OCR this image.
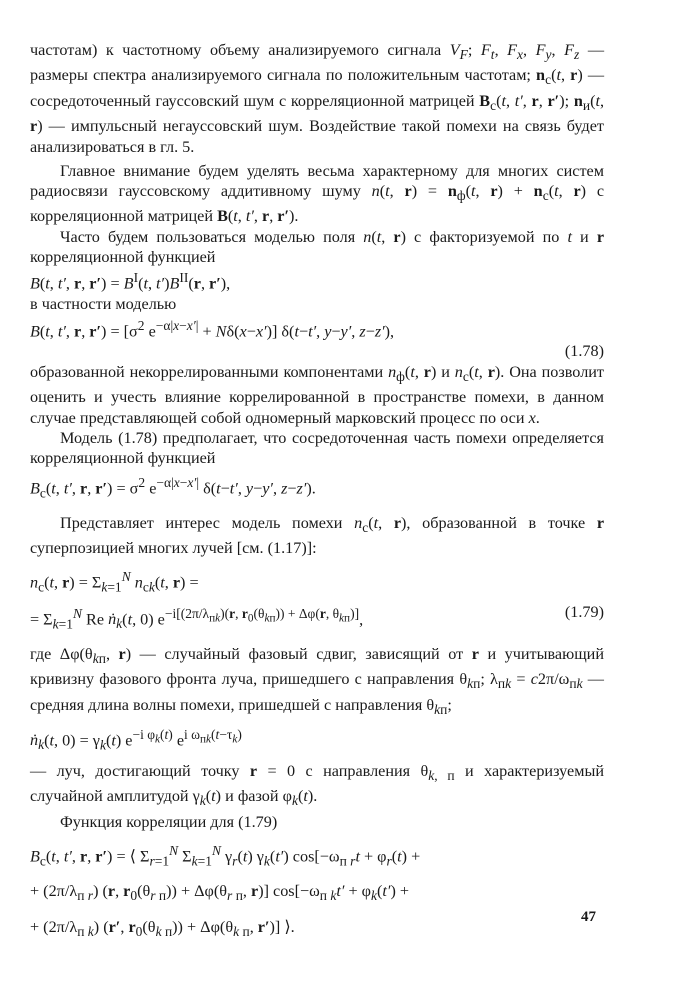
частотам) к частотному объему анализируемого сигнала $V_F$; $F_t$, $F_x$, $F_y$, $F_z$ — размеры спектра анализируемого сигнала по положительным частотам; $n_с(t$, r) — сосредоточенный гауссовский шум с корреляционной матрицей $B_с(t$, t′, r, r′); $n_и(t$, r) — импульсный негауссовский шум. Воздействие такой помехи на связь будет анализироваться в гл. 5.

Главное внимание будем уделять весьма характерному для многих систем радиосвязи гауссовскому аддитивному шуму n(t, $r) = n_ф(t$, $r) + n_с(t$, r) с корреляционной матрицей B(t, t′, r, r′).

Часто будем пользоваться моделью поля n(t, r) с факторизуемой по t и r корреляционной функцией

B(t, t′, r, $r') = B^I(t$, $t')B^{II}(r$, r′),

в частности моделью

B(t, t′, r, $r') = [\sigma^2$ $e^{-\alpha|x-x'|} + N\delta(x-x')$] δ(t−t′, y−y′, z−z′),

(1.78)

образованной некоррелированными компонентами $n_ф(t$, r) и $n_с(t$, r). Она позволит оценить и учесть влияние коррелированной в пространстве помехи, в данном случае представляющей собой одномерный марковский процесс по оси x.

Модель (1.78) предполагает, что сосредоточенная часть помехи определяется корреляционной функцией

$B_с(t$, t′, r, $r') = \sigma^2$ $e^{-\alpha|x-x'|}$ δ(t−t′, y−y′, z−z′).

Представляет интерес модель помехи $n_с(t$, r), образованной в точке r суперпозицией многих лучей [см. (1.17)]:

$n_с(t$, $r) = \Sigma_{k=1}^N$ $n_{сk}(t$, r) =

= $\Sigma_{k=1}^N$ Re ṅ$_k$(t, 0) $e^{-i[(2\pi/\lambda_{пk})(r, r_0(\theta_{kп})) + \Delta\varphi(r, \theta_{kп})]}$,	(1.79)

где $\Delta\varphi(\theta_{kп}$, r) — случайный фазовый сдвиг, зависящий от r и учитывающий кривизну фазового фронта луча, пришедшего с направления $\theta_{kп}$; $\lambda_{пk} = c2\pi/\omega_{пk}$ — средняя длина волны помехи, пришедшей с направления $\theta_{kп}$;

ṅ$_k$(t, $0) = \gamma_k(t)$ $e^{-i \varphi_k(t)}$ $e^{i \omega_{пk}(t-\tau_k)}$

— луч, достигающий точку r = 0 с направления $\theta_{k, п}$ и характеризуемый случайной амплитудой $\gamma_k(t)$ и фазой $\varphi_k(t)$.

Функция корреляции для (1.79)

$B_с(t$, t′, r, r′) = ⟨ $\Sigma_{r=1}^N$ $\Sigma_{k=1}^N$ $\gamma_r(t)$ $\gamma_k(t') \cos[-\omega_{п r}t + \varphi_r(t)$ +

+ $(2\pi/\lambda_{п r})$ (r, $r_0(\theta_{r п})) + \Delta\varphi(\theta_{r п}$, r)] $\cos[-\omega_{п k}t' + \varphi_k(t')$ +

+ $(2\pi/\lambda_{п k})$ (r′, $r_0(\theta_{k п})) + \Delta\varphi(\theta_{k п}$, r′)] ⟩.

47
